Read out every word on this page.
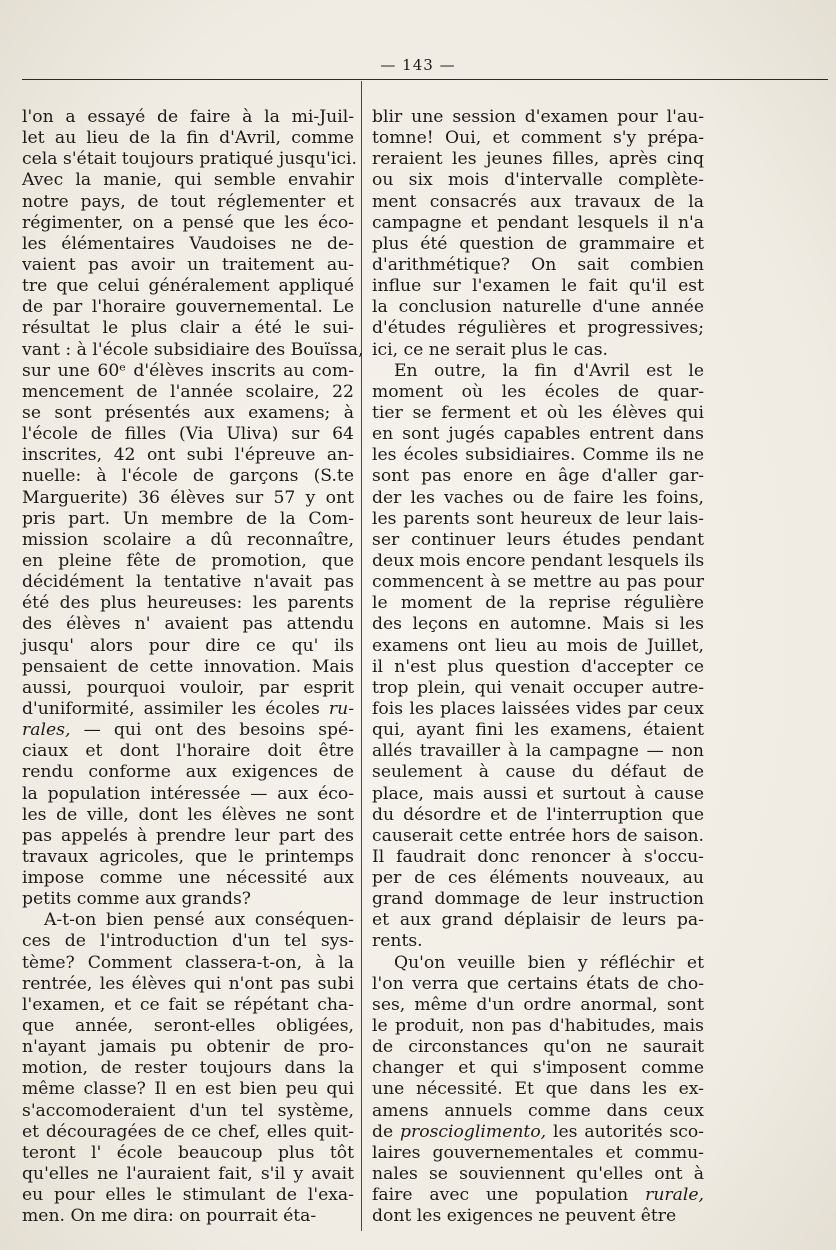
— 143 —
l'on a essayé de faire à la mi-Juil-
let au lieu de la fin d'Avril, comme
cela s'était toujours pratiqué jusqu'ici.
Avec la manie, qui semble envahir
notre pays, de tout réglementer et
régimenter, on a pensé que les éco-
les élémentaires Vaudoises ne de-
vaient pas avoir un traitement au-
tre que celui généralement appliqué
de par l'horaire gouvernemental. Le
résultat le plus clair a été le sui-
vant : à l'école subsidiaire des Bouïssa,
sur une 60ᵉ d'élèves inscrits au com-
mencement de l'année scolaire, 22
se sont présentés aux examens; à
l'école de filles (Via Uliva) sur 64
inscrites, 42 ont subi l'épreuve an-
nuelle: à l'école de garçons (S.te
Marguerite) 36 élèves sur 57 y ont
pris part. Un membre de la Com-
mission scolaire a dû reconnaître,
en pleine fête de promotion, que
décidément la tentative n'avait pas
été des plus heureuses: les parents
des élèves n' avaient pas attendu
jusqu' alors pour dire ce qu' ils
pensaient de cette innovation. Mais
aussi, pourquoi vouloir, par esprit
d'uniformité, assimiler les écoles ru-
rales, — qui ont des besoins spé-
ciaux et dont l'horaire doit être
rendu conforme aux exigences de
la population intéressée — aux éco-
les de ville, dont les élèves ne sont
pas appelés à prendre leur part des
travaux agricoles, que le printemps
impose comme une nécessité aux
petits comme aux grands?
A-t-on bien pensé aux conséquen-
ces de l'introduction d'un tel sys-
tème? Comment classera-t-on, à la
rentrée, les élèves qui n'ont pas subi
l'examen, et ce fait se répétant cha-
que année, seront-elles obligées,
n'ayant jamais pu obtenir de pro-
motion, de rester toujours dans la
même classe? Il en est bien peu qui
s'accomoderaient d'un tel système,
et découragées de ce chef, elles quit-
teront l' école beaucoup plus tôt
qu'elles ne l'auraient fait, s'il y avait
eu pour elles le stimulant de l'exa-
men. On me dira: on pourrait éta-
blir une session d'examen pour l'au-
tomne! Oui, et comment s'y prépa-
reraient les jeunes filles, après cinq
ou six mois d'intervalle complète-
ment consacrés aux travaux de la
campagne et pendant lesquels il n'a
plus été question de grammaire et
d'arithmétique? On sait combien
influe sur l'examen le fait qu'il est
la conclusion naturelle d'une année
d'études régulières et progressives;
ici, ce ne serait plus le cas.
En outre, la fin d'Avril est le
moment où les écoles de quar-
tier se ferment et où les élèves qui
en sont jugés capables entrent dans
les écoles subsidiaires. Comme ils ne
sont pas enore en âge d'aller gar-
der les vaches ou de faire les foins,
les parents sont heureux de leur lais-
ser continuer leurs études pendant
deux mois encore pendant lesquels ils
commencent à se mettre au pas pour
le moment de la reprise régulière
des leçons en automne. Mais si les
examens ont lieu au mois de Juillet,
il n'est plus question d'accepter ce
trop plein, qui venait occuper autre-
fois les places laissées vides par ceux
qui, ayant fini les examens, étaient
allés travailler à la campagne — non
seulement à cause du défaut de
place, mais aussi et surtout à cause
du désordre et de l'interruption que
causerait cette entrée hors de saison.
Il faudrait donc renoncer à s'occu-
per de ces éléments nouveaux, au
grand dommage de leur instruction
et aux grand déplaisir de leurs pa-
rents.
Qu'on veuille bien y réfléchir et
l'on verra que certains états de cho-
ses, même d'un ordre anormal, sont
le produit, non pas d'habitudes, mais
de circonstances qu'on ne saurait
changer et qui s'imposent comme
une nécessité. Et que dans les ex-
amens annuels comme dans ceux
de proscioglimento, les autorités sco-
laires gouvernementales et commu-
nales se souviennent qu'elles ont à
faire avec une population rurale,
dont les exigences ne peuvent être
